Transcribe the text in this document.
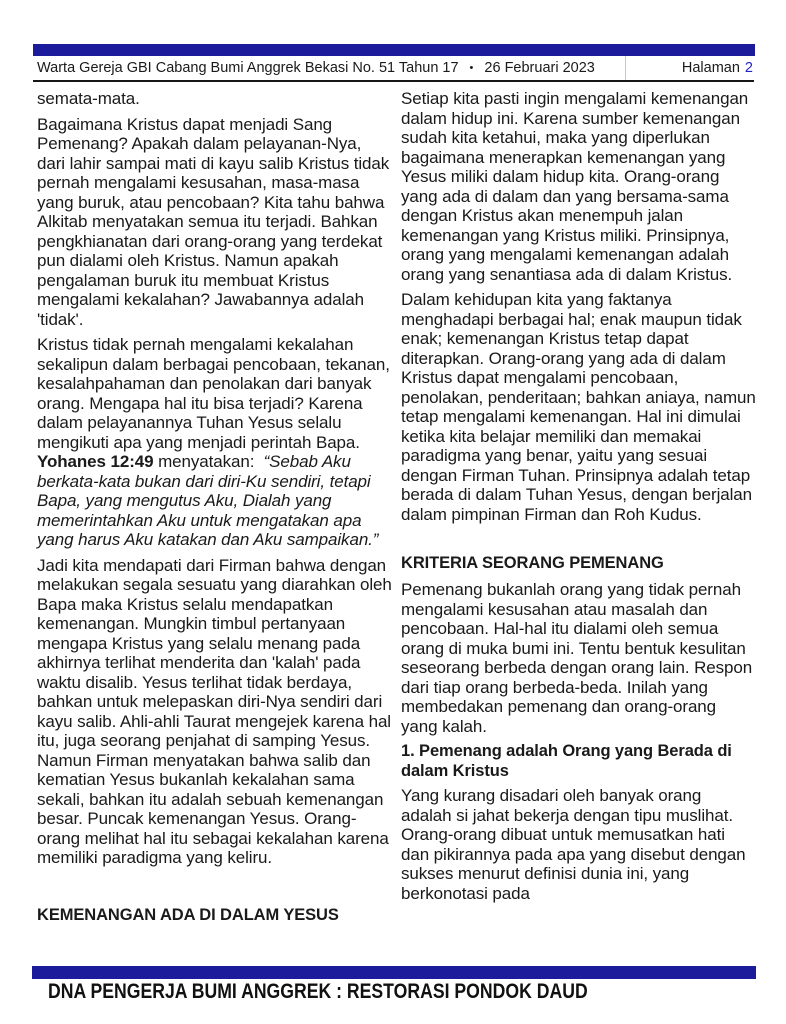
Warta Gereja GBI Cabang Bumi Anggrek Bekasi No. 51 Tahun 17	• 26 Februari 2023	Halaman 2

semata-mata.

Bagaimana Kristus dapat menjadi Sang Pemenang? Apakah dalam pelayanan-Nya, dari lahir sampai mati di kayu salib Kristus tidak pernah mengalami kesusahan, masa-masa yang buruk, atau pencobaan? Kita tahu bahwa Alkitab menyatakan semua itu terjadi. Bahkan pengkhianatan dari orang-orang yang terdekat pun dialami oleh Kristus. Namun apakah pengalaman buruk itu membuat Kristus mengalami kekalahan? Jawabannya adalah 'tidak'.

Kristus tidak pernah mengalami kekalahan sekalipun dalam berbagai pencobaan, tekanan, kesalahpahaman dan penolakan dari banyak orang. Mengapa hal itu bisa terjadi? Karena dalam pelayanannya Tuhan Yesus selalu mengikuti apa yang menjadi perintah Bapa. Yohanes 12:49 menyatakan:  “Sebab Aku berkata-kata bukan dari diri-Ku sendiri, tetapi Bapa, yang mengutus Aku, Dialah yang memerintahkan Aku untuk mengatakan apa yang harus Aku katakan dan Aku sampaikan.”

Jadi kita mendapati dari Firman bahwa dengan melakukan segala sesuatu yang diarahkan oleh Bapa maka Kristus selalu mendapatkan kemenangan. Mungkin timbul pertanyaan mengapa Kristus yang selalu menang pada akhirnya terlihat menderita dan 'kalah' pada waktu disalib. Yesus terlihat tidak berdaya, bahkan untuk melepaskan diri-Nya sendiri dari kayu salib. Ahli-ahli Taurat mengejek karena hal itu, juga seorang penjahat di samping Yesus. Namun Firman menyatakan bahwa salib dan kematian Yesus bukanlah kekalahan sama sekali, bahkan itu adalah sebuah kemenangan besar. Puncak kemenangan Yesus. Orang-orang melihat hal itu sebagai kekalahan karena memiliki paradigma yang keliru.

KEMENANGAN ADA DI DALAM YESUS

Setiap kita pasti ingin mengalami kemenangan dalam hidup ini. Karena sumber kemenangan sudah kita ketahui, maka yang diperlukan bagaimana menerapkan kemenangan yang Yesus miliki dalam hidup kita. Orang-orang yang ada di dalam dan yang bersama-sama dengan Kristus akan menempuh jalan kemenangan yang Kristus miliki. Prinsipnya, orang yang mengalami kemenangan adalah orang yang senantiasa ada di dalam Kristus.

Dalam kehidupan kita yang faktanya menghadapi berbagai hal; enak maupun tidak enak; kemenangan Kristus tetap dapat diterapkan. Orang-orang yang ada di dalam Kristus dapat mengalami pencobaan, penolakan, penderitaan; bahkan aniaya, namun tetap mengalami kemenangan. Hal ini dimulai ketika kita belajar memiliki dan memakai paradigma yang benar, yaitu yang sesuai dengan Firman Tuhan. Prinsipnya adalah tetap berada di dalam Tuhan Yesus, dengan berjalan dalam pimpinan Firman dan Roh Kudus.

KRITERIA SEORANG PEMENANG

Pemenang bukanlah orang yang tidak pernah mengalami kesusahan atau masalah dan pencobaan. Hal-hal itu dialami oleh semua orang di muka bumi ini. Tentu bentuk kesulitan seseorang berbeda dengan orang lain. Respon dari tiap orang berbeda-beda. Inilah yang membedakan pemenang dan orang-orang yang kalah.

1. Pemenang adalah Orang yang Berada di dalam Kristus

Yang kurang disadari oleh banyak orang adalah si jahat bekerja dengan tipu muslihat. Orang-orang dibuat untuk memusatkan hati dan pikirannya pada apa yang disebut dengan sukses menurut definisi dunia ini, yang berkonotasi pada

DNA PENGERJA BUMI ANGGREK : RESTORASI PONDOK DAUD
